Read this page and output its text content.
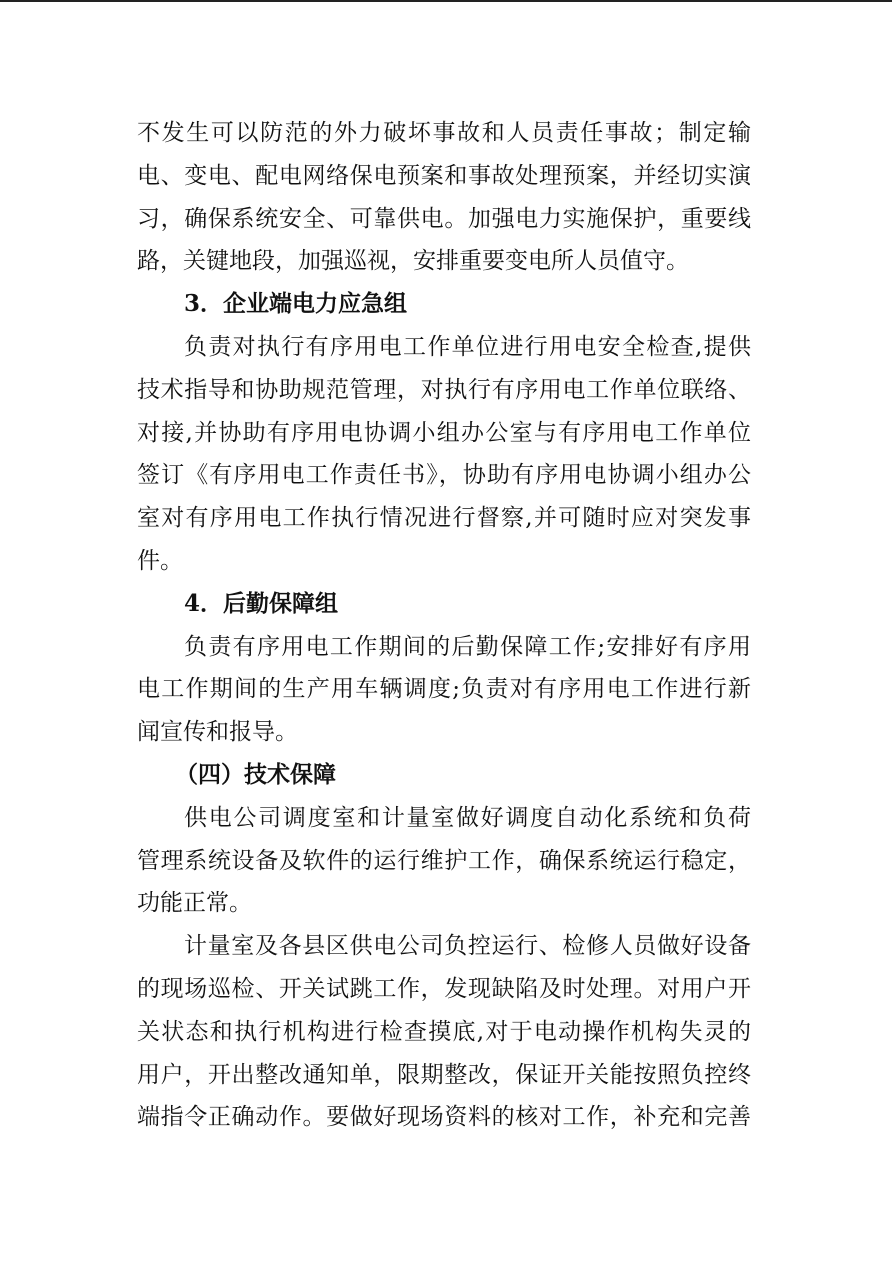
不发生可以防范的外力破坏事故和人员责任事故；制定输
电、变电、配电网络保电预案和事故处理预案，并经切实演
习，确保系统安全、可靠供电。加强电力实施保护，重要线
路，关键地段，加强巡视，安排重要变电所人员值守。
3．企业端电力应急组
负责对执行有序用电工作单位进行用电安全检查,提供
技术指导和协助规范管理，对执行有序用电工作单位联络、
对接,并协助有序用电协调小组办公室与有序用电工作单位
签订《有序用电工作责任书》，协助有序用电协调小组办公
室对有序用电工作执行情况进行督察,并可随时应对突发事
件。
4．后勤保障组
负责有序用电工作期间的后勤保障工作;安排好有序用
电工作期间的生产用车辆调度;负责对有序用电工作进行新
闻宣传和报导。
（四）技术保障
供电公司调度室和计量室做好调度自动化系统和负荷
管理系统设备及软件的运行维护工作，确保系统运行稳定，
功能正常。
计量室及各县区供电公司负控运行、检修人员做好设备
的现场巡检、开关试跳工作，发现缺陷及时处理。对用户开
关状态和执行机构进行检查摸底,对于电动操作机构失灵的
用户，开出整改通知单，限期整改，保证开关能按照负控终
端指令正确动作。要做好现场资料的核对工作，补充和完善
